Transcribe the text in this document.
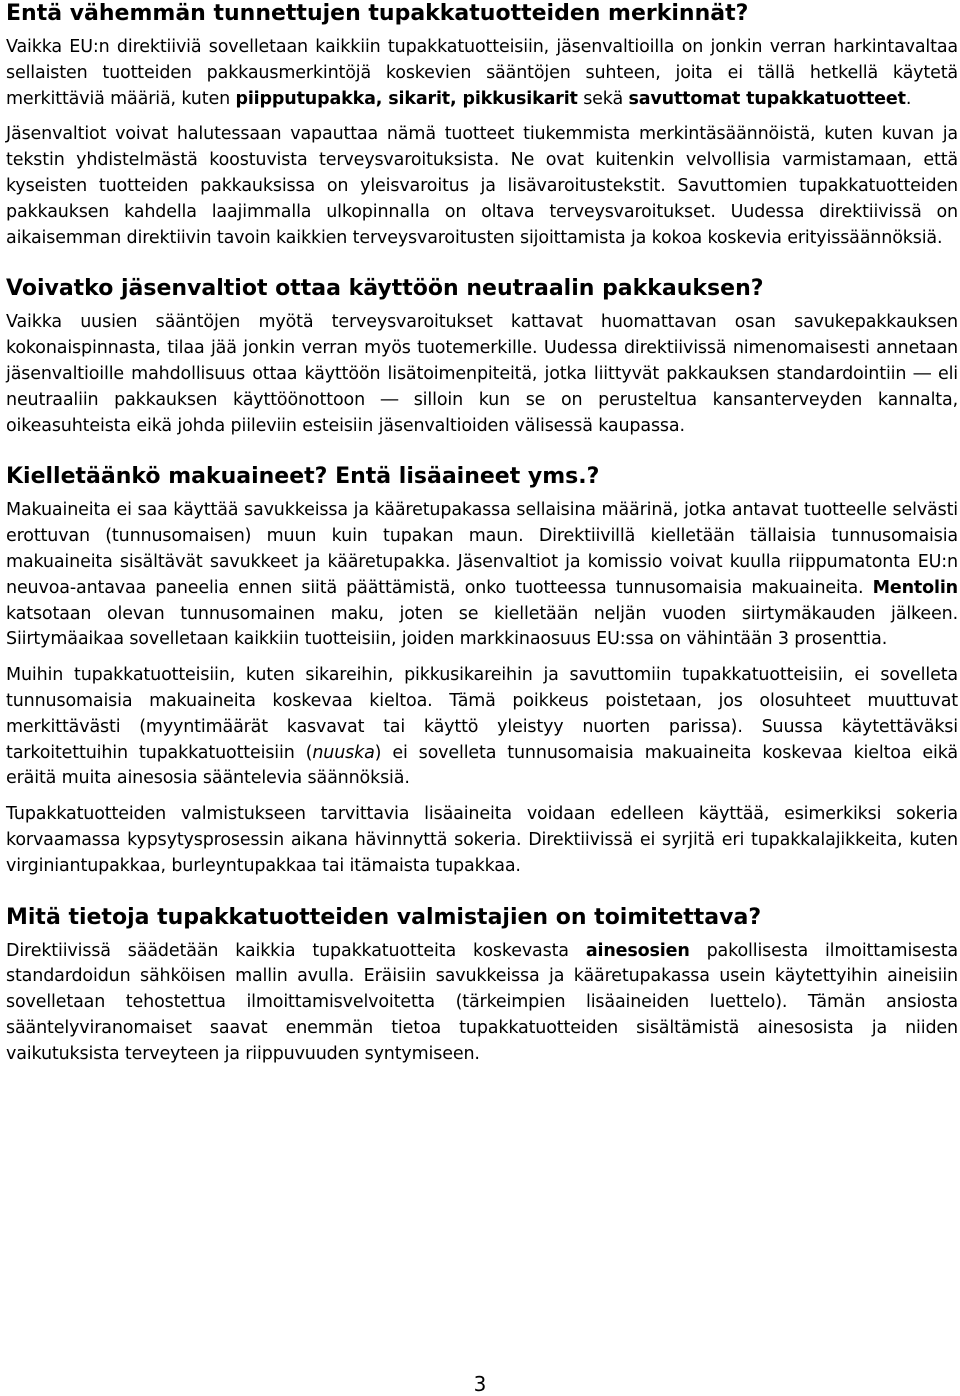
Entä vähemmän tunnettujen tupakkatuotteiden merkinnät?

Vaikka EU:n direktiiviä sovelletaan kaikkiin tupakkatuotteisiin, jäsenvaltioilla on jonkin verran harkintavaltaa sellaisten tuotteiden pakkausmerkintöjä koskevien sääntöjen suhteen, joita ei tällä hetkellä käytetä merkittäviä määriä, kuten piipputupakka, sikarit, pikkusikarit sekä savuttomat tupakkatuotteet.

Jäsenvaltiot voivat halutessaan vapauttaa nämä tuotteet tiukemmista merkintäsäännöistä, kuten kuvan ja tekstin yhdistelmästä koostuvista terveysvaroituksista. Ne ovat kuitenkin velvollisia varmistamaan, että kyseisten tuotteiden pakkauksissa on yleisvaroitus ja lisävaroitustekstit. Savuttomien tupakkatuotteiden pakkauksen kahdella laajimmalla ulkopinnalla on oltava terveysvaroitukset. Uudessa direktiivissä on aikaisemman direktiivin tavoin kaikkien terveysvaroitusten sijoittamista ja kokoa koskevia erityissäännöksiä.

Voivatko jäsenvaltiot ottaa käyttöön neutraalin pakkauksen?

Vaikka uusien sääntöjen myötä terveysvaroitukset kattavat huomattavan osan savukepakkauksen kokonaispinnasta, tilaa jää jonkin verran myös tuotemerkille. Uudessa direktiivissä nimenomaisesti annetaan jäsenvaltioille mahdollisuus ottaa käyttöön lisätoimenpiteitä, jotka liittyvät pakkauksen standardointiin ― eli neutraaliin pakkauksen käyttöönottoon ― silloin kun se on perusteltua kansanterveyden kannalta, oikeasuhteista eikä johda piileviin esteisiin jäsenvaltioiden välisessä kaupassa.

Kielletäänkö makuaineet? Entä lisäaineet yms.?

Makuaineita ei saa käyttää savukkeissa ja kääretupakassa sellaisina määrinä, jotka antavat tuotteelle selvästi erottuvan (tunnusomaisen) muun kuin tupakan maun. Direktiivillä kielletään tällaisia tunnusomaisia makuaineita sisältävät savukkeet ja kääretupakka. Jäsenvaltiot ja komissio voivat kuulla riippumatonta EU:n neuvoa-antavaa paneelia ennen siitä päättämistä, onko tuotteessa tunnusomaisia makuaineita. Mentolin katsotaan olevan tunnusomainen maku, joten se kielletään neljän vuoden siirtymäkauden jälkeen. Siirtymäaikaa sovelletaan kaikkiin tuotteisiin, joiden markkinaosuus EU:ssa on vähintään 3 prosenttia.

Muihin tupakkatuotteisiin, kuten sikareihin, pikkusikareihin ja savuttomiin tupakkatuotteisiin, ei sovelleta tunnusomaisia makuaineita koskevaa kieltoa. Tämä poikkeus poistetaan, jos olosuhteet muuttuvat merkittävästi (myyntimäärät kasvavat tai käyttö yleistyy nuorten parissa). Suussa käytettäväksi tarkoitettuihin tupakkatuotteisiin (nuuska) ei sovelleta tunnusomaisia makuaineita koskevaa kieltoa eikä eräitä muita ainesosia sääntelevia säännöksiä.

Tupakkatuotteiden valmistukseen tarvittavia lisäaineita voidaan edelleen käyttää, esimerkiksi sokeria korvaamassa kypsytysprosessin aikana hävinnyttä sokeria. Direktiivissä ei syrjitä eri tupakkalajikkeita, kuten virginiantupakkaa, burleyntupakkaa tai itämaista tupakkaa.

Mitä tietoja tupakkatuotteiden valmistajien on toimitettava?

Direktiivissä säädetään kaikkia tupakkatuotteita koskevasta ainesosien pakollisesta ilmoittamisesta standardoidun sähköisen mallin avulla. Eräisiin savukkeissa ja kääretupakassa usein käytettyihin aineisiin sovelletaan tehostettua ilmoittamisvelvoitetta (tärkeimpien lisäaineiden luettelo). Tämän ansiosta sääntelyviranomaiset saavat enemmän tietoa tupakkatuotteiden sisältämistä ainesosista ja niiden vaikutuksista terveyteen ja riippuvuuden syntymiseen.

3
